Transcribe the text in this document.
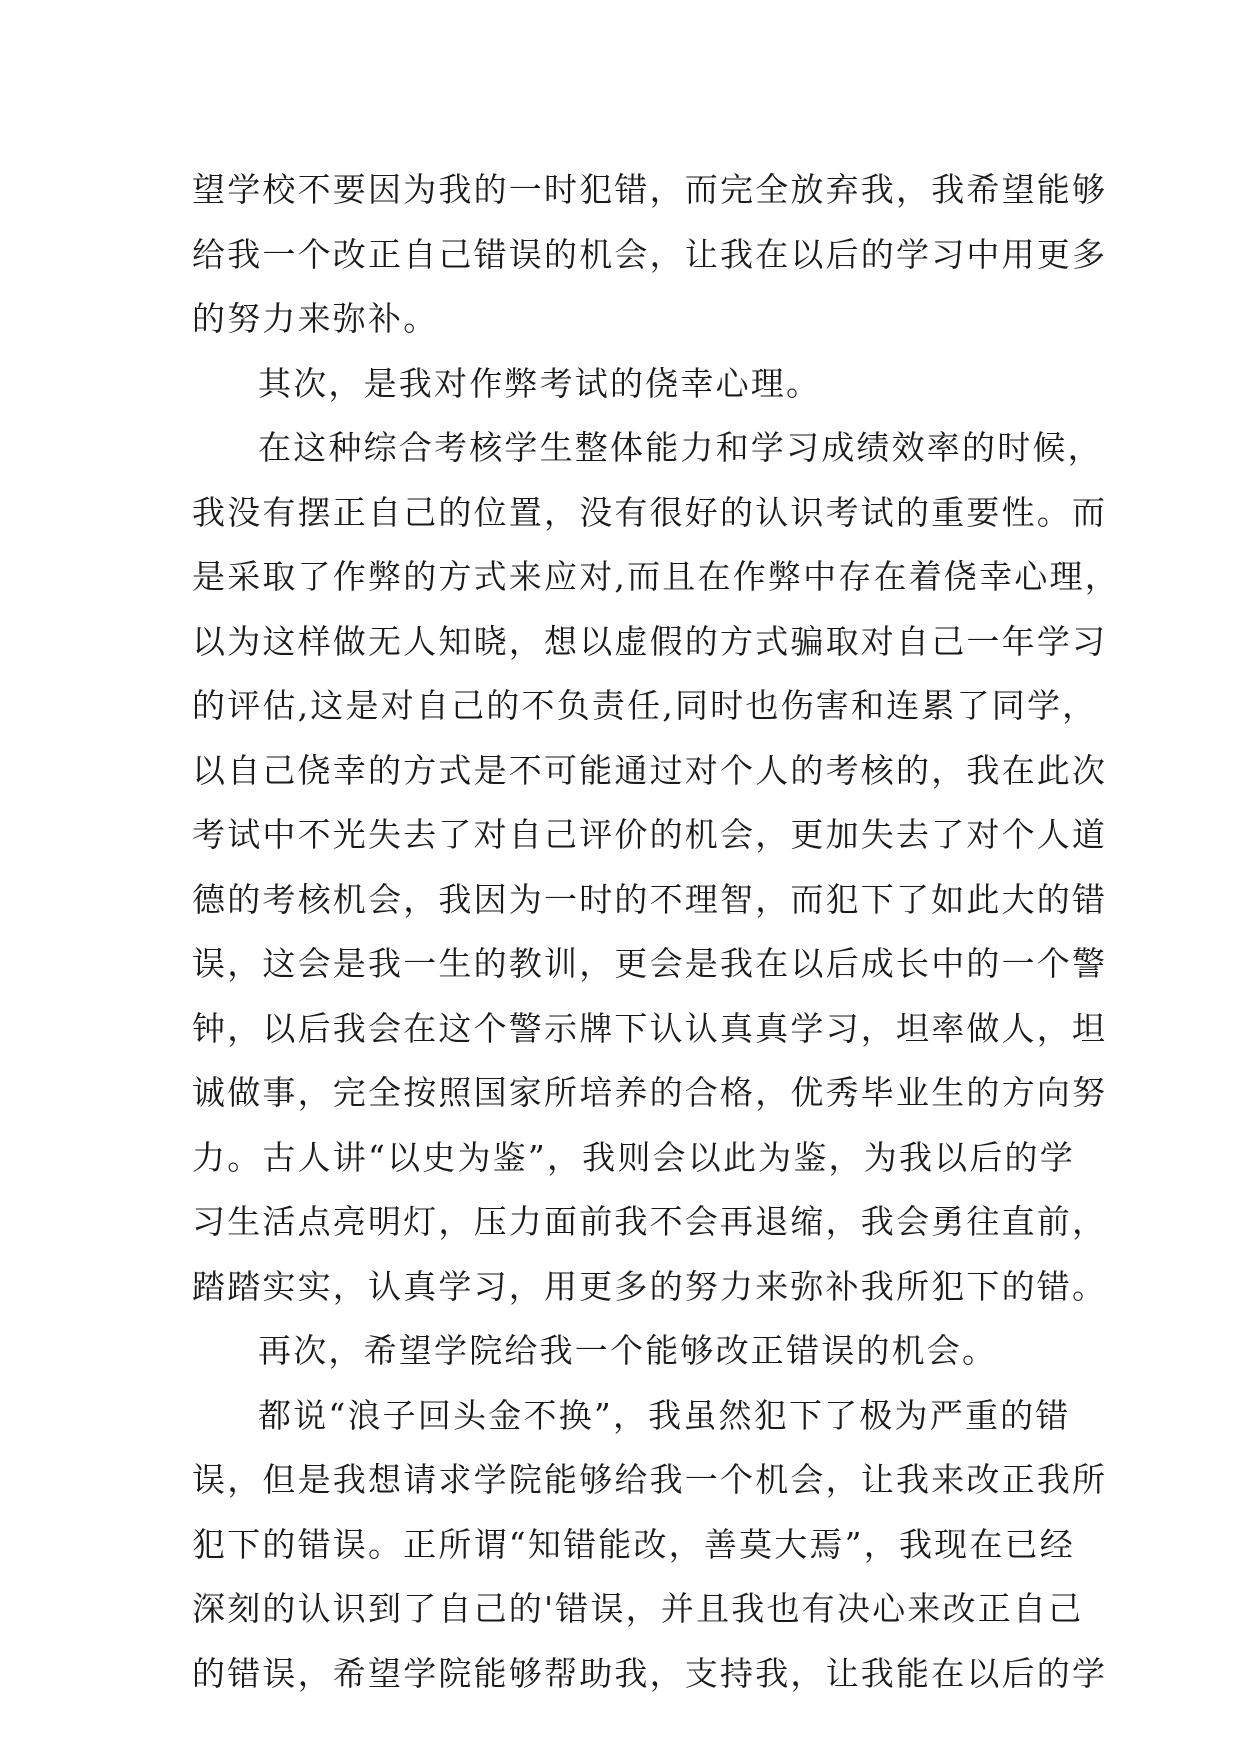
望学校不要因为我的一时犯错，而完全放弃我，我希望能够
给我一个改正自己错误的机会，让我在以后的学习中用更多
的努力来弥补。
其次，是我对作弊考试的侥幸心理。
在这种综合考核学生整体能力和学习成绩效率的时候，
我没有摆正自己的位置，没有很好的认识考试的重要性。而
是采取了作弊的方式来应对,而且在作弊中存在着侥幸心理，
以为这样做无人知晓，想以虚假的方式骗取对自己一年学习
的评估,这是对自己的不负责任,同时也伤害和连累了同学，
以自己侥幸的方式是不可能通过对个人的考核的，我在此次
考试中不光失去了对自己评价的机会，更加失去了对个人道
德的考核机会，我因为一时的不理智，而犯下了如此大的错
误，这会是我一生的教训，更会是我在以后成长中的一个警
钟，以后我会在这个警示牌下认认真真学习，坦率做人，坦
诚做事，完全按照国家所培养的合格，优秀毕业生的方向努
力。古人讲“以史为鉴”，我则会以此为鉴，为我以后的学
习生活点亮明灯，压力面前我不会再退缩，我会勇往直前，
踏踏实实，认真学习，用更多的努力来弥补我所犯下的错。
再次，希望学院给我一个能够改正错误的机会。
都说“浪子回头金不换”，我虽然犯下了极为严重的错
误，但是我想请求学院能够给我一个机会，让我来改正我所
犯下的错误。正所谓“知错能改，善莫大焉”，我现在已经
深刻的认识到了自己的'错误，并且我也有决心来改正自己
的错误，希望学院能够帮助我，支持我，让我能在以后的学
